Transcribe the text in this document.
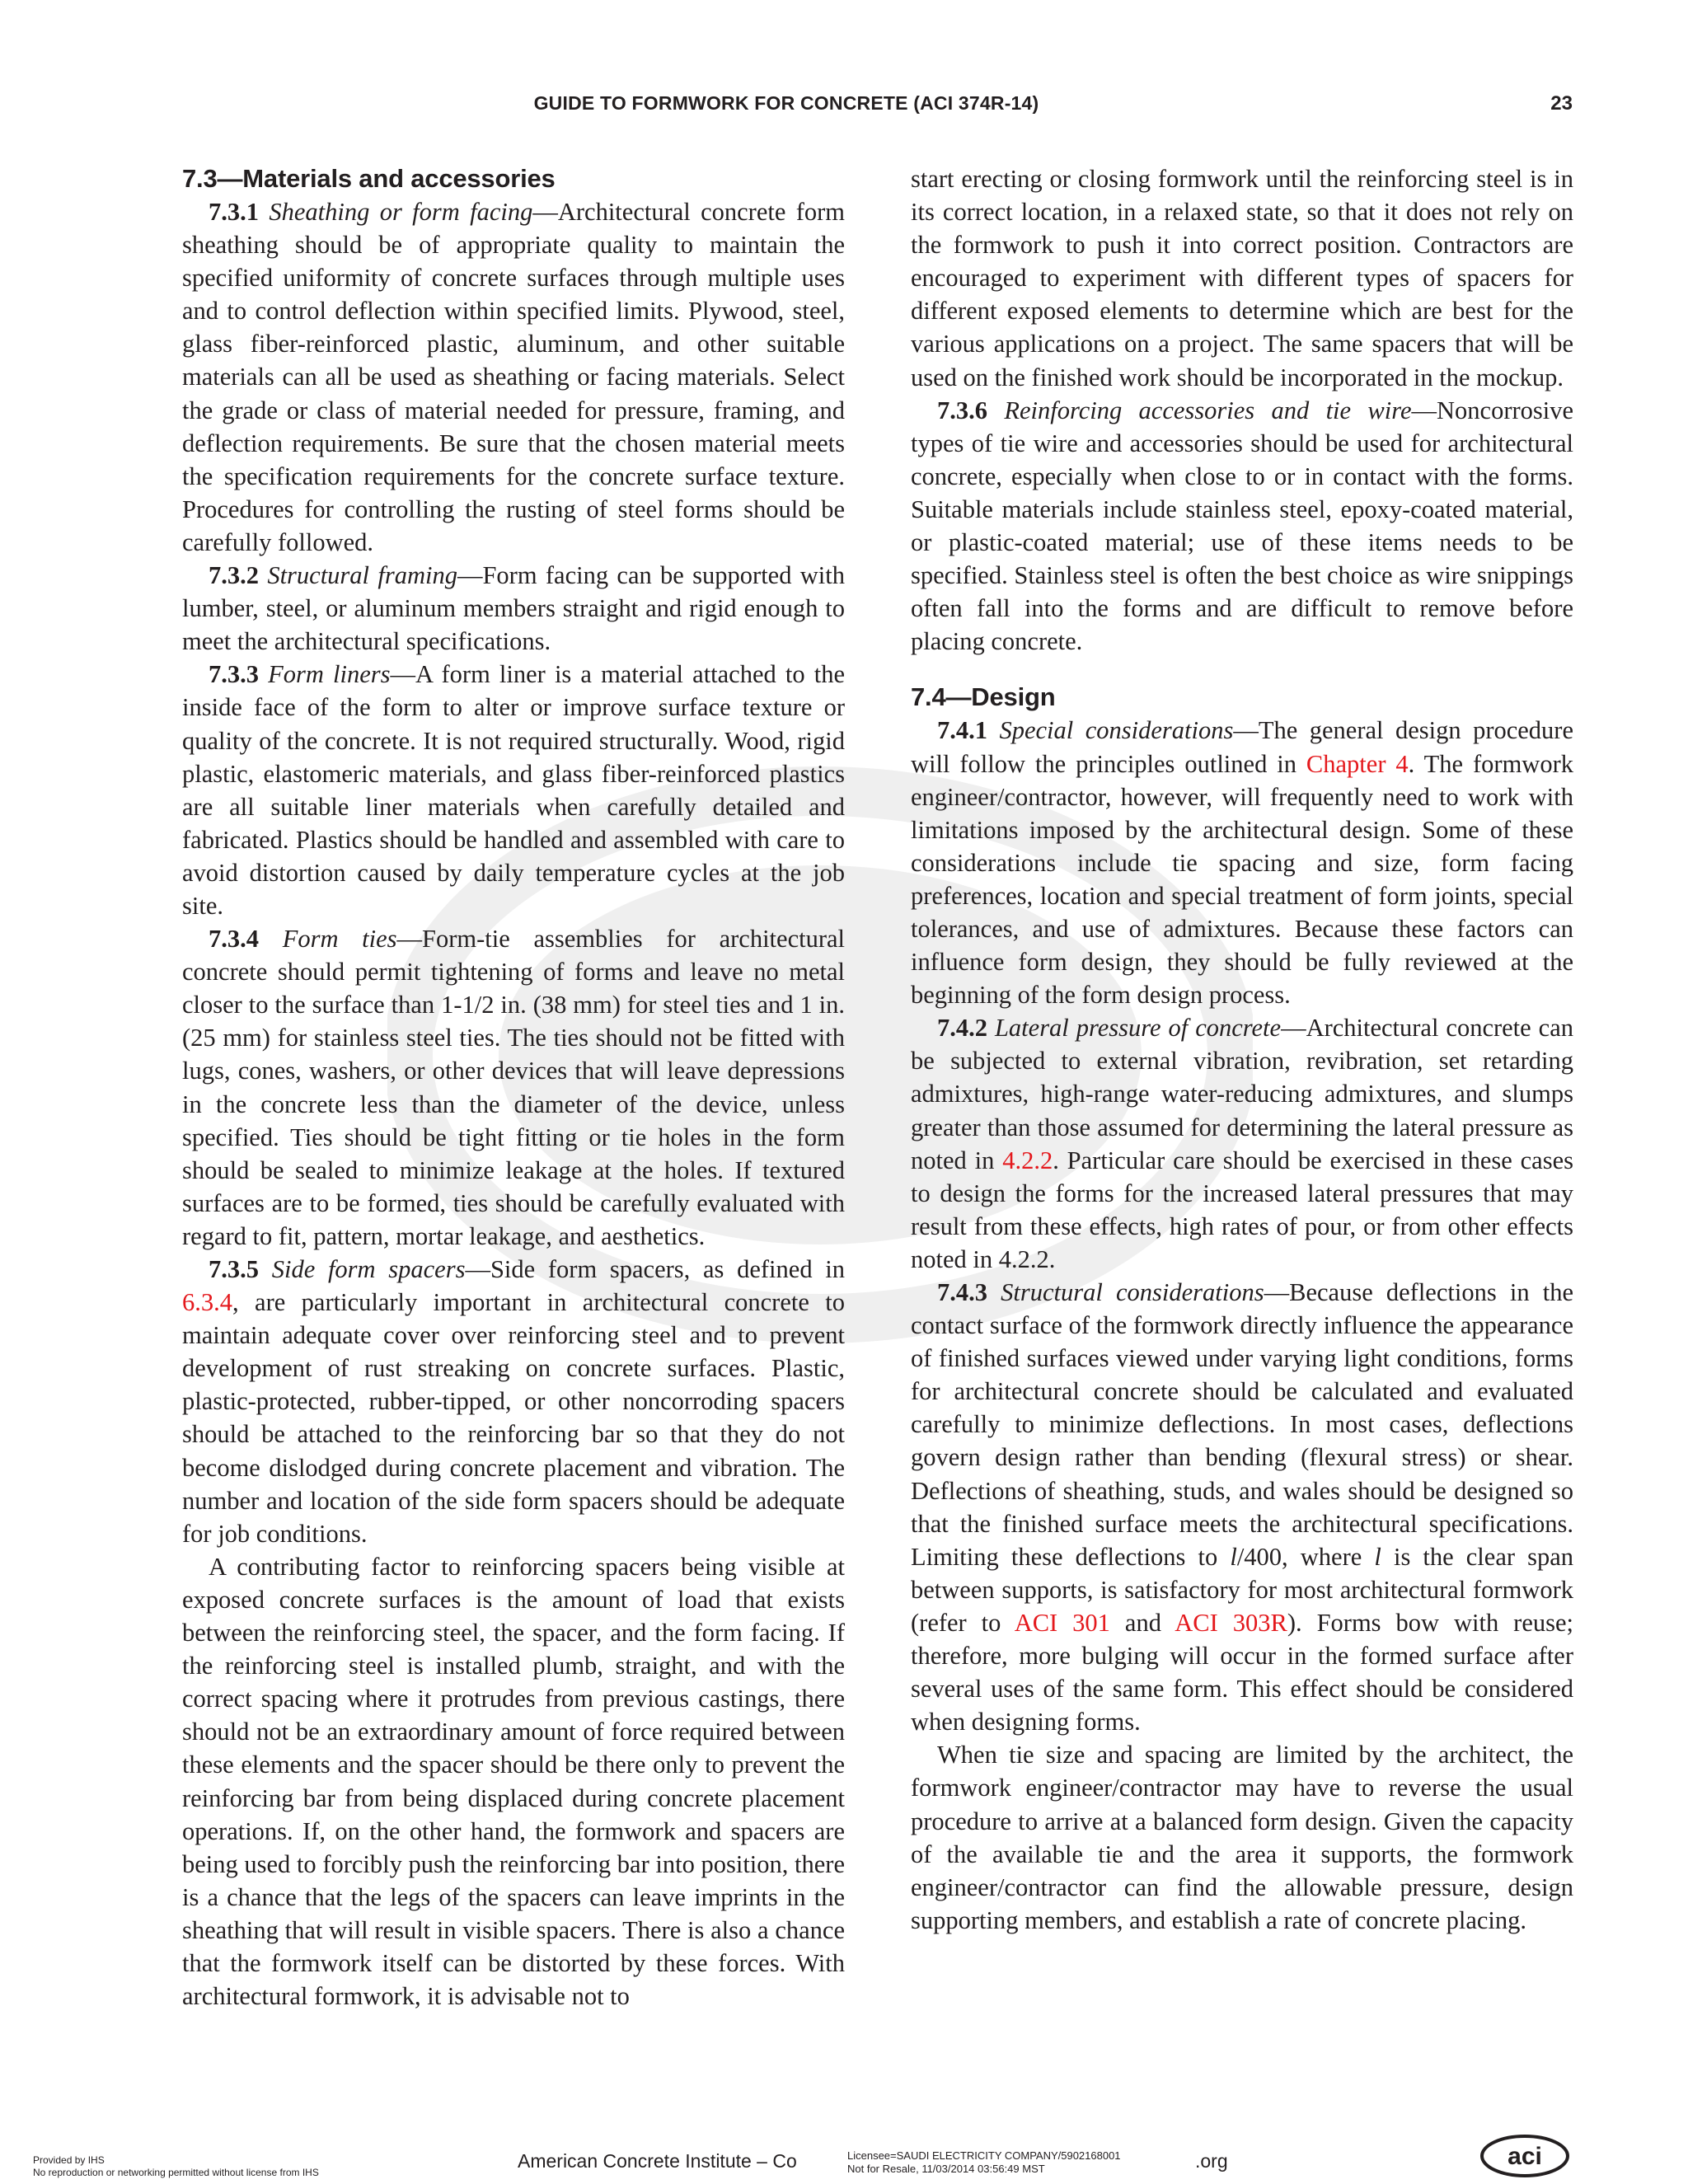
GUIDE TO FORMWORK FOR CONCRETE (ACI 374R-14)	23
7.3—Materials and accessories

7.3.1 Sheathing or form facing—Architectural concrete form sheathing should be of appropriate quality to maintain the specified uniformity of concrete surfaces through multiple uses and to control deflection within specified limits. Plywood, steel, glass fiber-reinforced plastic, aluminum, and other suitable materials can all be used as sheathing or facing materials. Select the grade or class of material needed for pressure, framing, and deflection requirements. Be sure that the chosen material meets the specification requirements for the concrete surface texture. Procedures for controlling the rusting of steel forms should be carefully followed.

7.3.2 Structural framing—Form facing can be supported with lumber, steel, or aluminum members straight and rigid enough to meet the architectural specifications.

7.3.3 Form liners—A form liner is a material attached to the inside face of the form to alter or improve surface texture or quality of the concrete. It is not required structurally. Wood, rigid plastic, elastomeric materials, and glass fiber-reinforced plastics are all suitable liner materials when carefully detailed and fabricated. Plastics should be handled and assembled with care to avoid distortion caused by daily temperature cycles at the job site.

7.3.4 Form ties—Form-tie assemblies for architectural concrete should permit tightening of forms and leave no metal closer to the surface than 1-1/2 in. (38 mm) for steel ties and 1 in. (25 mm) for stainless steel ties. The ties should not be fitted with lugs, cones, washers, or other devices that will leave depressions in the concrete less than the diameter of the device, unless specified. Ties should be tight fitting or tie holes in the form should be sealed to minimize leakage at the holes. If textured surfaces are to be formed, ties should be carefully evaluated with regard to fit, pattern, mortar leakage, and aesthetics.

7.3.5 Side form spacers—Side form spacers, as defined in 6.3.4, are particularly important in architectural concrete to maintain adequate cover over reinforcing steel and to prevent development of rust streaking on concrete surfaces. Plastic, plastic-protected, rubber-tipped, or other noncorroding spacers should be attached to the reinforcing bar so that they do not become dislodged during concrete placement and vibration. The number and location of the side form spacers should be adequate for job conditions.

A contributing factor to reinforcing spacers being visible at exposed concrete surfaces is the amount of load that exists between the reinforcing steel, the spacer, and the form facing. If the reinforcing steel is installed plumb, straight, and with the correct spacing where it protrudes from previous castings, there should not be an extraordinary amount of force required between these elements and the spacer should be there only to prevent the reinforcing bar from being displaced during concrete placement operations. If, on the other hand, the formwork and spacers are being used to forcibly push the reinforcing bar into position, there is a chance that the legs of the spacers can leave imprints in the sheathing that will result in visible spacers. There is also a chance that the formwork itself can be distorted by these forces. With architectural formwork, it is advisable not to

start erecting or closing formwork until the reinforcing steel is in its correct location, in a relaxed state, so that it does not rely on the formwork to push it into correct position. Contractors are encouraged to experiment with different types of spacers for different exposed elements to determine which are best for the various applications on a project. The same spacers that will be used on the finished work should be incorporated in the mockup.

7.3.6 Reinforcing accessories and tie wire—Noncorrosive types of tie wire and accessories should be used for architectural concrete, especially when close to or in contact with the forms. Suitable materials include stainless steel, epoxy-coated material, or plastic-coated material; use of these items needs to be specified. Stainless steel is often the best choice as wire snippings often fall into the forms and are difficult to remove before placing concrete.

7.4—Design

7.4.1 Special considerations—The general design procedure will follow the principles outlined in Chapter 4. The formwork engineer/contractor, however, will frequently need to work with limitations imposed by the architectural design. Some of these considerations include tie spacing and size, form facing preferences, location and special treatment of form joints, special tolerances, and use of admixtures. Because these factors can influence form design, they should be fully reviewed at the beginning of the form design process.

7.4.2 Lateral pressure of concrete—Architectural concrete can be subjected to external vibration, revibration, set retarding admixtures, high-range water-reducing admixtures, and slumps greater than those assumed for determining the lateral pressure as noted in 4.2.2. Particular care should be exercised in these cases to design the forms for the increased lateral pressures that may result from these effects, high rates of pour, or from other effects noted in 4.2.2.

7.4.3 Structural considerations—Because deflections in the contact surface of the formwork directly influence the appearance of finished surfaces viewed under varying light conditions, forms for architectural concrete should be calculated and evaluated carefully to minimize deflections. In most cases, deflections govern design rather than bending (flexural stress) or shear. Deflections of sheathing, studs, and wales should be designed so that the finished surface meets the architectural specifications. Limiting these deflections to l/400, where l is the clear span between supports, is satisfactory for most architectural formwork (refer to ACI 301 and ACI 303R). Forms bow with reuse; therefore, more bulging will occur in the formed surface after several uses of the same form. This effect should be considered when designing forms.

When tie size and spacing are limited by the architect, the formwork engineer/contractor may have to reverse the usual procedure to arrive at a balanced form design. Given the capacity of the available tie and the area it supports, the formwork engineer/contractor can find the allowable pressure, design supporting members, and establish a rate of concrete placing.

Provided by IHS
No reproduction or networking permitted without license from IHS
American Concrete Institute – Co	Licensee=SAUDI ELECTRICITY COMPANY/5902168001
Not for Resale, 11/03/2014 03:56:49 MST	.org	aci
